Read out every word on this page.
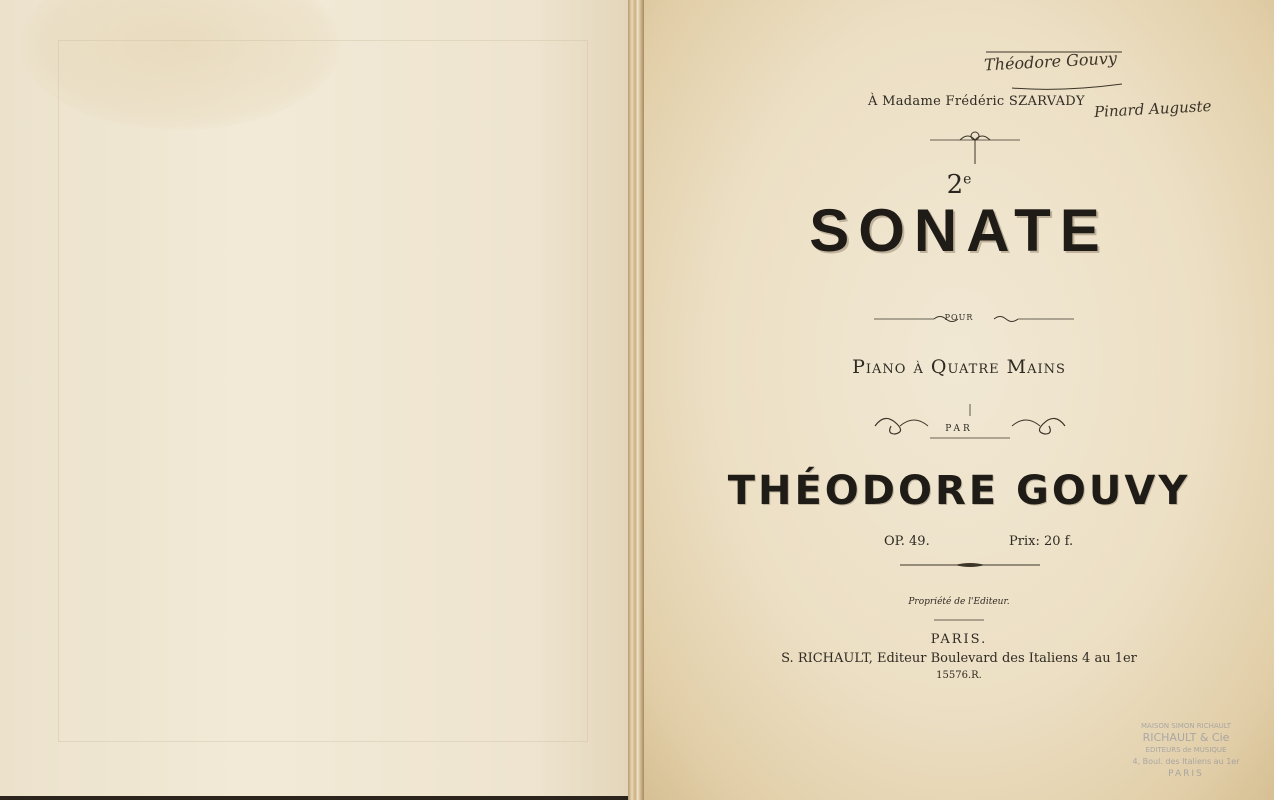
Théodore Gouvy
À Madame Frédéric SZARVADY Pinard Auguste
2e
SONATE
POUR
Piano à Quatre Mains
PAR
THÉODORE GOUVY
OP. 49.	Prix: 20 f.
Propriété de l'Editeur.
PARIS.
S. RICHAULT, Editeur Boulevard des Italiens 4 au 1er
15576.R.
MAISON SIMON RICHAULT
RICHAULT & Cie
EDITEURS de MUSIQUE
4, Boul. des Italiens au 1er
PARIS
